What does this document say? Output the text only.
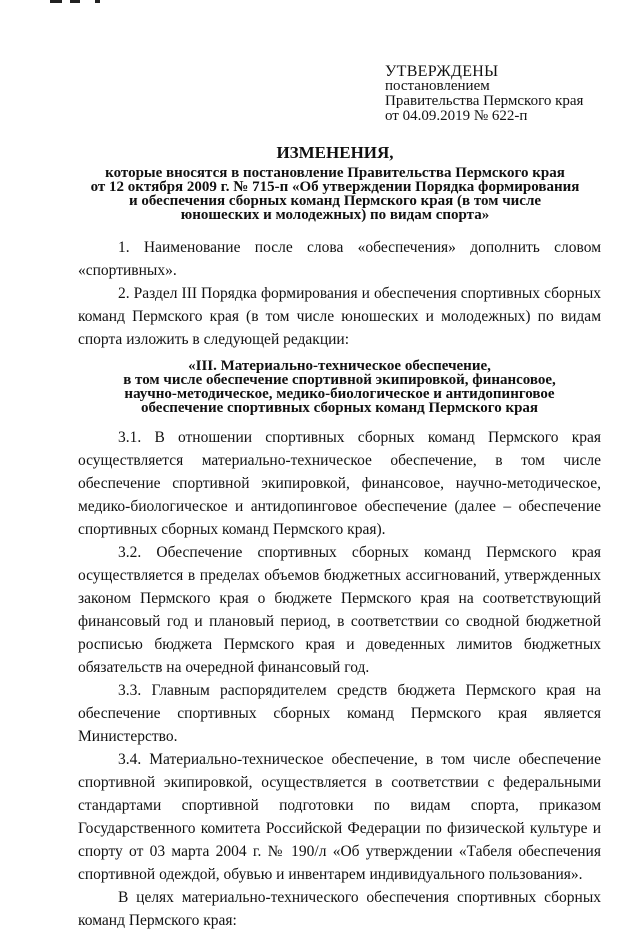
УТВЕРЖДЕНЫ
постановлением
Правительства Пермского края
от 04.09.2019 № 622-п
ИЗМЕНЕНИЯ,
которые вносятся в постановление Правительства Пермского края
от 12 октября 2009 г. № 715-п «Об утверждении Порядка формирования
и обеспечения сборных команд Пермского края (в том числе
юношеских и молодежных) по видам спорта»

1. Наименование после слова «обеспечения» дополнить словом «спортивных».

2. Раздел III Порядка формирования и обеспечения спортивных сборных команд Пермского края (в том числе юношеских и молодежных) по видам спорта изложить в следующей редакции:

«III. Материально-техническое обеспечение,
в том числе обеспечение спортивной экипировкой, финансовое,
научно-методическое, медико-биологическое и антидопинговое
обеспечение спортивных сборных команд Пермского края

3.1. В отношении спортивных сборных команд Пермского края осуществляется материально-техническое обеспечение, в том числе обеспечение спортивной экипировкой, финансовое, научно-методическое, медико-биологическое и антидопинговое обеспечение (далее – обеспечение спортивных сборных команд Пермского края).

3.2. Обеспечение спортивных сборных команд Пермского края осуществляется в пределах объемов бюджетных ассигнований, утвержденных законом Пермского края о бюджете Пермского края на соответствующий финансовый год и плановый период, в соответствии со сводной бюджетной росписью бюджета Пермского края и доведенных лимитов бюджетных обязательств на очередной финансовый год.

3.3. Главным распорядителем средств бюджета Пермского края на обеспечение спортивных сборных команд Пермского края является Министерство.

3.4. Материально-техническое обеспечение, в том числе обеспечение спортивной экипировкой, осуществляется в соответствии с федеральными стандартами спортивной подготовки по видам спорта, приказом Государственного комитета Российской Федерации по физической культуре и спорту от 03 марта 2004 г. № 190/л «Об утверждении «Табеля обеспечения спортивной одеждой, обувью и инвентарем индивидуального пользования».

В целях материально-технического обеспечения спортивных сборных команд Пермского края:
